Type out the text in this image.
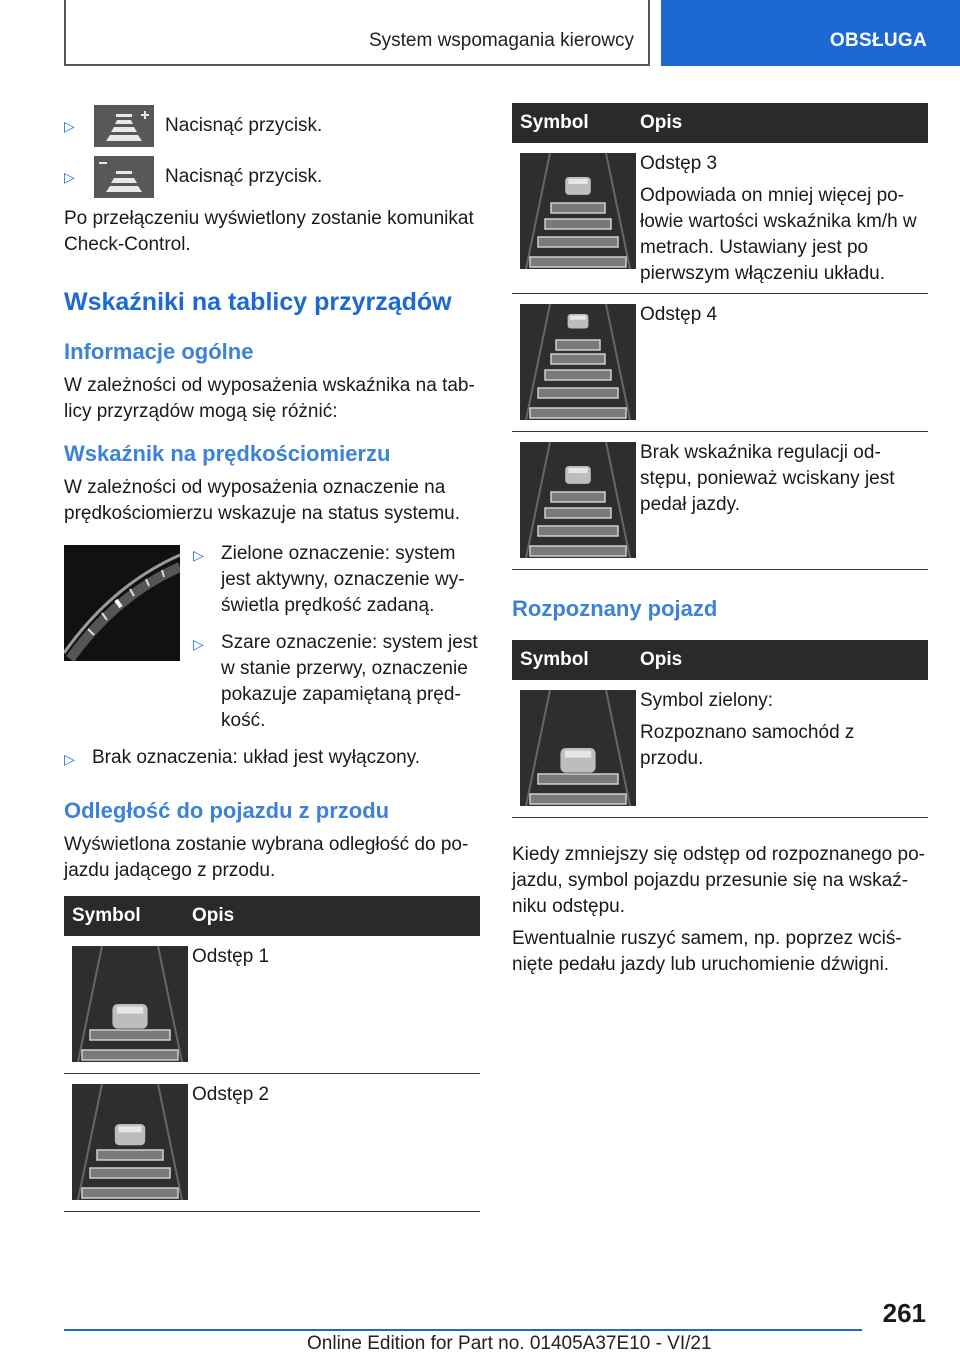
System wspomagania kierowcy	OBSŁUGA
▷	Nacisnąć przycisk.
▷	Nacisnąć przycisk.

Po przełączeniu wyświetlony zostanie komunikat Check-Control.

Wskaźniki na tablicy przyrządów
Informacje ogólne

W zależności od wyposażenia wskaźnika na tablicy przyrządów mogą się różnić:

Wskaźnik na prędkościomierzu

W zależności od wyposażenia oznaczenie na prędkościomierzu wskazuje na status systemu.

▷ Zielone oznaczenie: system jest aktywny, oznaczenie wyświetla prędkość zadaną.
▷ Szare oznaczenie: system jest w stanie przerwy, oznaczenie pokazuje zapamiętaną prędkość.
▷ Brak oznaczenia: układ jest wyłączony.
Odległość do pojazdu z przodu

Wyświetlona zostanie wybrana odległość do pojazdu jadącego z przodu.

Symbol	Opis

Odstęp 1

Odstęp 2
Symbol	Opis

Odstęp 3
Odpowiada on mniej więcej połowie wartości wskaźnika km/h w metrach. Ustawiany jest po pierwszym włączeniu układu.

Odstęp 4

Brak wskaźnika regulacji odstępu, ponieważ wciskany jest pedał jazdy.
Rozpoznany pojazd
Symbol	Opis

Symbol zielony:
Rozpoznano samochód z przodu.

Kiedy zmniejszy się odstęp od rozpoznanego pojazdu, symbol pojazdu przesunie się na wskaźniku odstępu.

Ewentualnie ruszyć samem, np. poprzez wciśnięte pedału jazdy lub uruchomienie dźwigni.

261
Online Edition for Part no. 01405A37E10 - VI/21
